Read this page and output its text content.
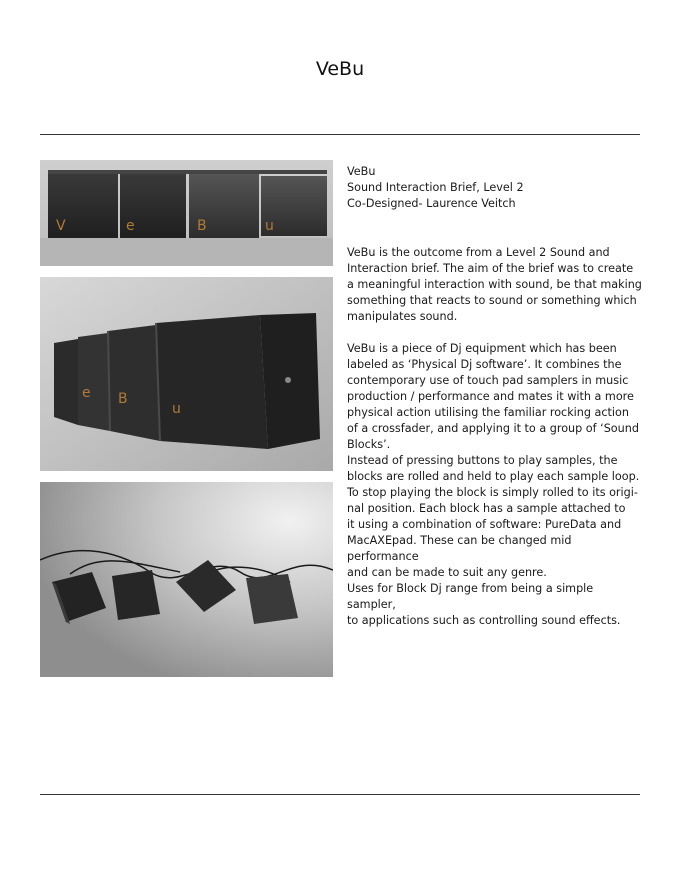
VeBu
V	e	B	u
e B
u

VeBu

Sound Interaction Brief, Level 2

Co-Designed- Laurence Veitch

VeBu is the outcome from a Level 2 Sound and

Interaction brief. The aim of the brief was to create

a meaningful interaction with sound, be that making

something that reacts to sound or something which

manipulates sound.

VeBu is a piece of Dj equipment which has been

labeled as ‘Physical Dj software’. It combines the

contemporary use of touch pad samplers in music

production / performance and mates it with a more

physical action utilising the familiar rocking action

of a crossfader, and applying it to a group of ‘Sound

Blocks’.

Instead of pressing buttons to play samples, the

blocks are rolled and held to play each sample loop.

To stop playing the block is simply rolled to its origi-

nal position. Each block has a sample attached to

it using a combination of software: PureData and

MacAXEpad. These can be changed mid performance

and can be made to suit any genre.

Uses for Block Dj range from being a simple sampler,

to applications such as controlling sound effects.
